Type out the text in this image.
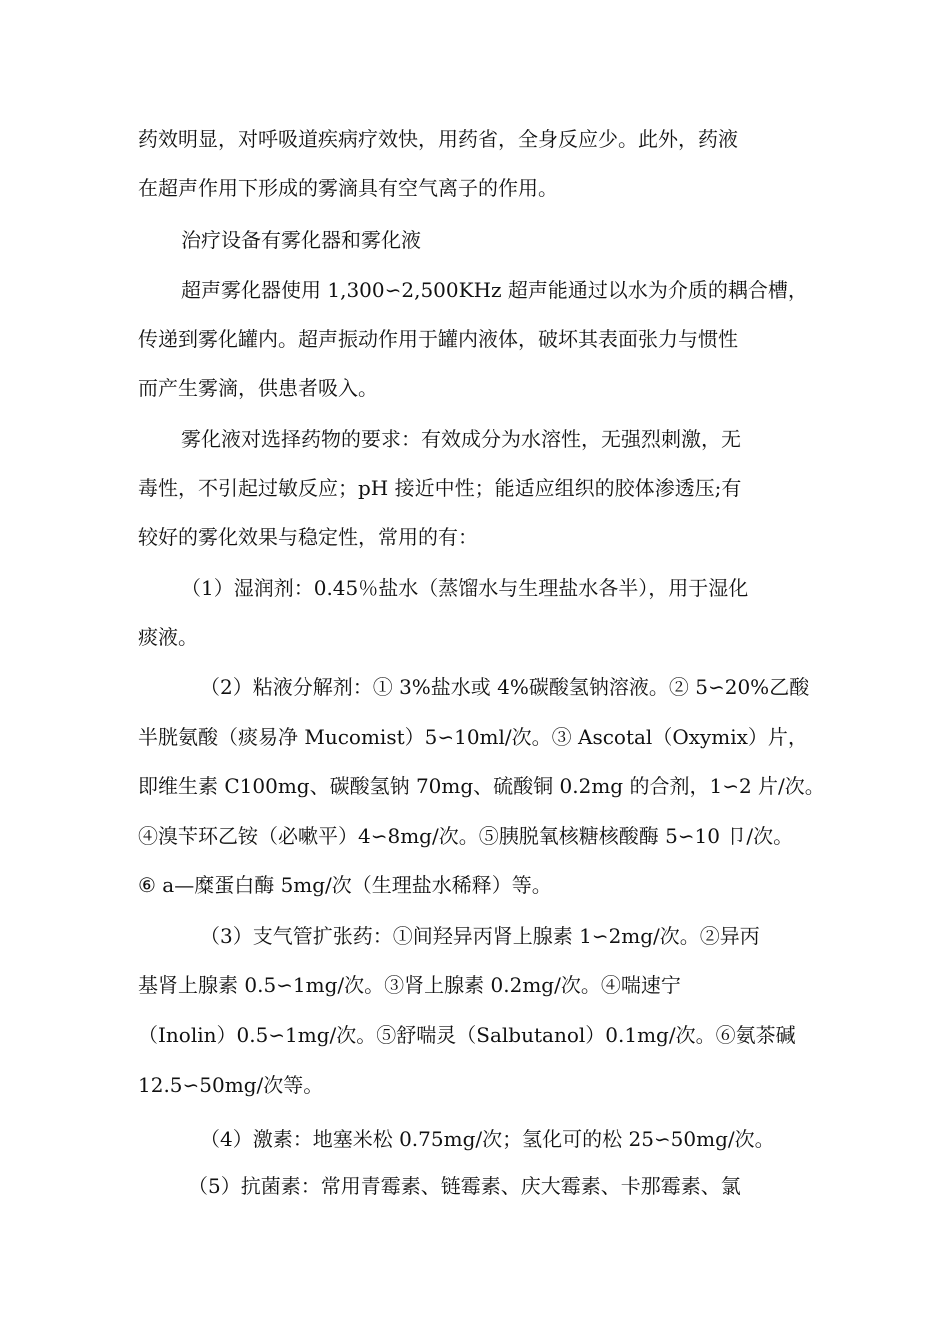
药效明显，对呼吸道疾病疗效快，用药省，全身反应少。此外，药液
在超声作用下形成的雾滴具有空气离子的作用。
治疗设备有雾化器和雾化液
超声雾化器使用 1,300∽2,500KHz 超声能通过以水为介质的耦合槽，
传递到雾化罐内。超声振动作用于罐内液体，破坏其表面张力与惯性
而产生雾滴，供患者吸入。
雾化液对选择药物的要求：有效成分为水溶性，无强烈刺激，无
毒性，不引起过敏反应；pH 接近中性；能适应组织的胶体渗透压;有
较好的雾化效果与稳定性，常用的有：
（1）湿润剂：0.45％盐水（蒸馏水与生理盐水各半），用于湿化
痰液。
（2）粘液分解剂：① 3%盐水或 4%碳酸氢钠溶液。② 5∽20%乙酸
半胱氨酸（痰易净 Mucomist）5∽10ml/次。③ Ascotal（Oxymix）片，
即维生素 C100mg、碳酸氢钠 70mg、硫酸铜 0.2mg 的合剂，1∽2 片/次。
④溴苄环乙铵（必嗽平）4∽8mg/次。⑤胰脱氧核糖核酸酶 5∽10 卩/次。
⑥ a—糜蛋白酶 5mg/次（生理盐水稀释）等。
（3）支气管扩张药：①间羟异丙肾上腺素 1∽2mg/次。②异丙
基肾上腺素 0.5∽1mg/次。③肾上腺素 0.2mg/次。④喘速宁
（Inolin）0.5∽1mg/次。⑤舒喘灵（Salbutanol）0.1mg/次。⑥氨茶碱
12.5∽50mg/次等。
（4）激素：地塞米松 0.75mg/次；氢化可的松 25∽50mg/次。
（5）抗菌素：常用青霉素、链霉素、庆大霉素、卡那霉素、氯
